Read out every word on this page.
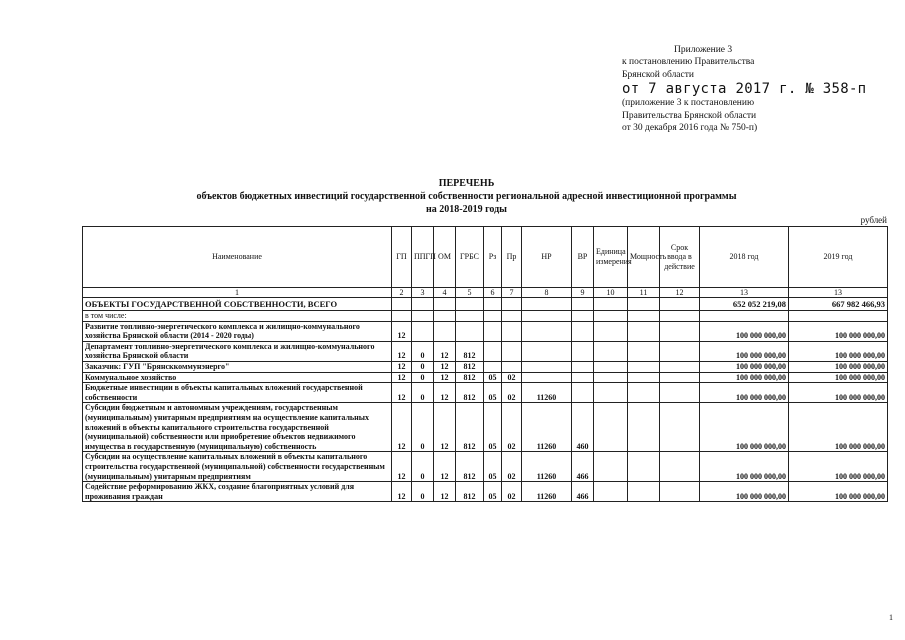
Приложение 3
к постановлению Правительства
Брянской области
от 7 августа 2017 г. № 358-п
(приложение 3 к постановлению
Правительства Брянской области
от 30 декабря 2016 года № 750-п)
ПЕРЕЧЕНЬ
объектов бюджетных инвестиций государственной собственности региональной адресной инвестиционной программы
на 2018-2019 годы
рублей
Наименование	ГП	ППГП	ОМ	ГРБС	Рз	Пр	НР	ВР	Единица измерения	Мощность	Срок ввода в действие	2018 год	2019 год
1	2	3	4	5	6	7	8	9	10	11	12	13	13
ОБЪЕКТЫ ГОСУДАРСТВЕННОЙ СОБСТВЕННОСТИ, ВСЕГО												652 052 219,08	667 982 466,93
в том числе:													
Развитие топливно-энергетического комплекса и жилищно-коммунального хозяйства Брянской области (2014 - 2020 годы)	12											100 000 000,00	100 000 000,00
Департамент топливно-энергетического комплекса и жилищно-коммунального хозяйства Брянской области	12	0	12	812								100 000 000,00	100 000 000,00
Заказчик: ГУП "Брянсккоммунэнерго"	12	0	12	812								100 000 000,00	100 000 000,00
Коммунальное хозяйство	12	0	12	812	05	02						100 000 000,00	100 000 000,00
Бюджетные инвестиции в объекты капитальных вложений государственной собственности	12	0	12	812	05	02	11260					100 000 000,00	100 000 000,00
Субсидии бюджетным и автономным учреждениям, государственным (муниципальным) унитарным предприятиям на осуществление капитальных вложений в объекты капитального строительства государственной (муниципальной) собственности или приобретение объектов недвижимого имущества в государственную (муниципальную) собственность	12	0	12	812	05	02	11260	460				100 000 000,00	100 000 000,00
Субсидии на осуществление капитальных вложений в объекты капитального строительства государственной (муниципальной) собственности государственным (муниципальным) унитарным предприятиям	12	0	12	812	05	02	11260	466				100 000 000,00	100 000 000,00
Содействие реформированию ЖКХ, создание благоприятных условий для проживания граждан	12	0	12	812	05	02	11260	466				100 000 000,00	100 000 000,00
1
